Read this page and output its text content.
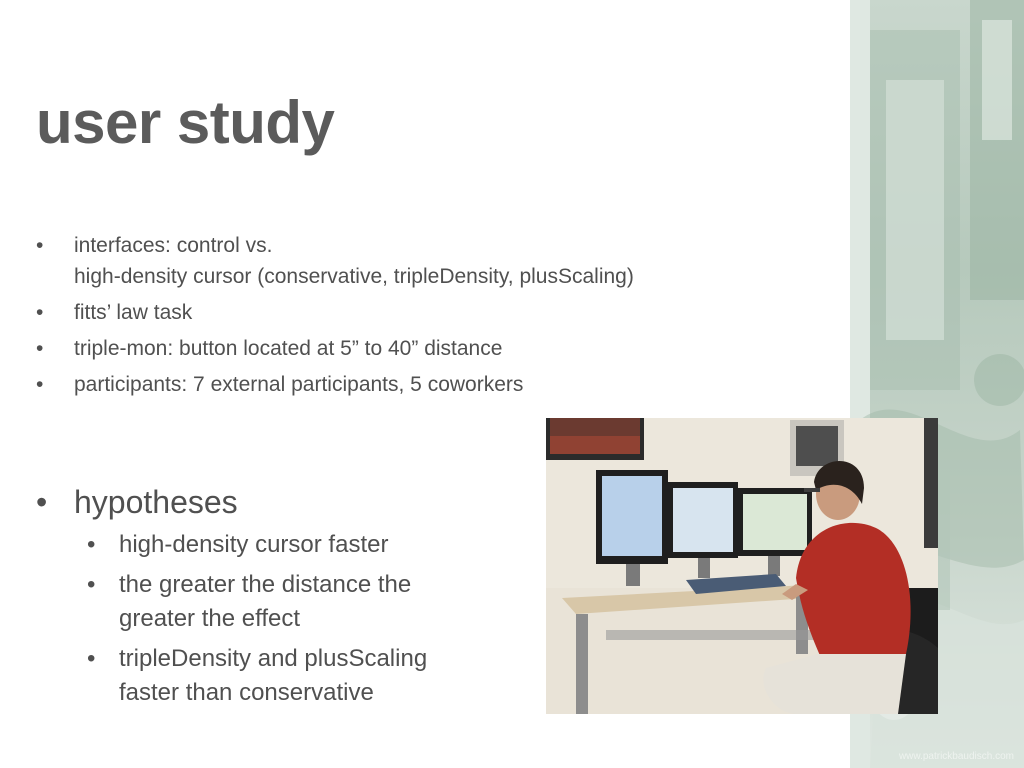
www.patrickbaudisch.com
user study
• interfaces: control vs.
high-density cursor (conservative, tripleDensity, plusScaling)
• fitts’ law task
• triple-mon: button located at 5” to 40” distance
• participants: 7 external participants, 5 coworkers
• hypotheses
• high-density cursor faster
• the greater the distance the
greater the effect
• tripleDensity and plusScaling
faster than conservative
